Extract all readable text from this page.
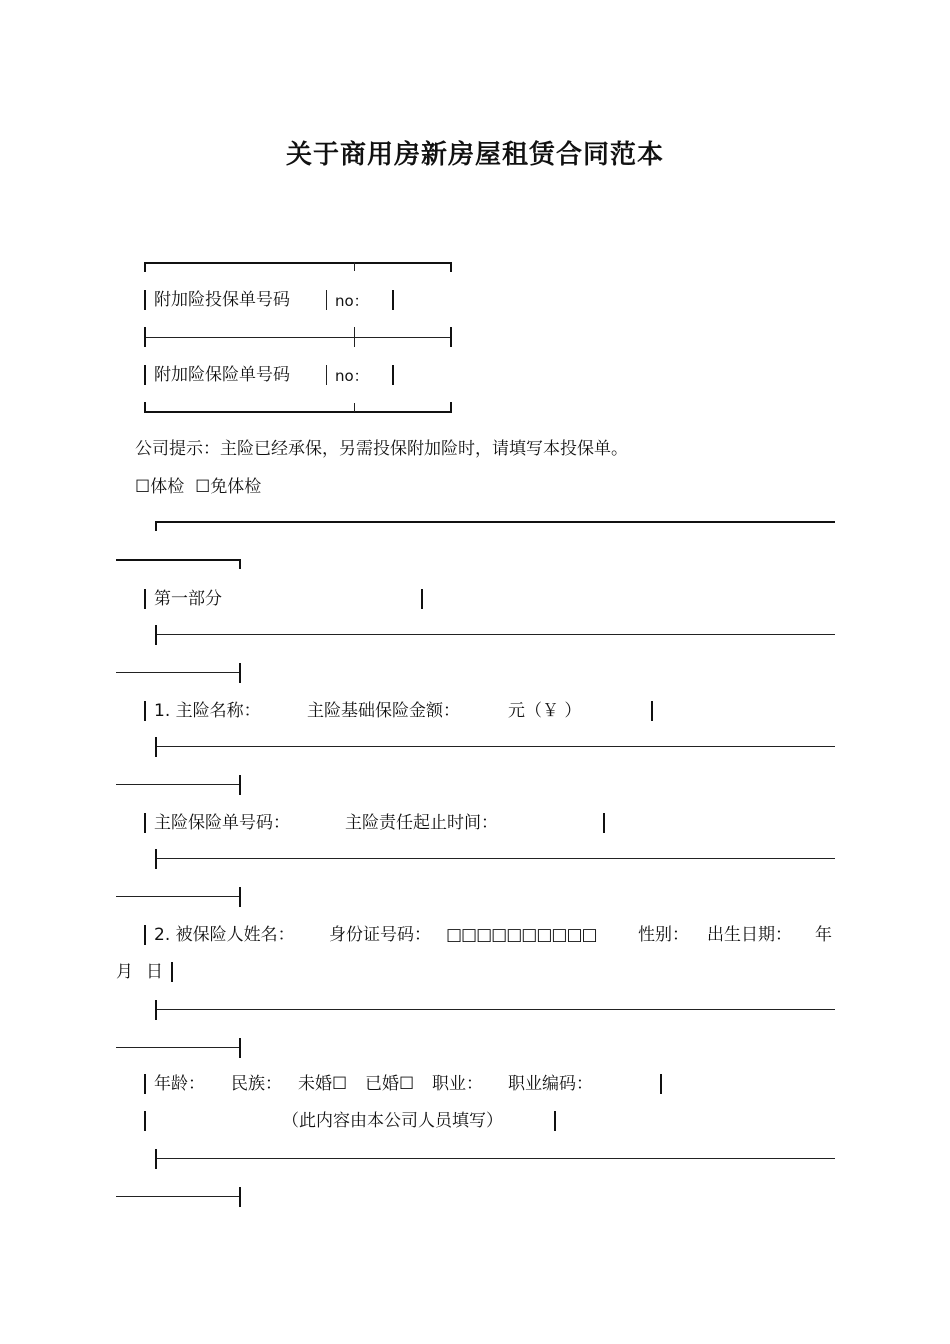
关于商用房新房屋租赁合同范本
附加险投保单号码	no：
附加险保险单号码	no：
公司提示：主险已经承保，另需投保附加险时，请填写本投保单。
☐体检 ☐免体检
第一部分
1. 主险名称：	主险基础保险金额：	元（￥ ）
主险保险单号码：	主险责任起止时间：
2. 被保险人姓名： 身份证号码： □□□□□□□□□□ 性别： 出生日期： 年
月 日
年龄： 民族： 未婚☐ 已婚☐ 职业： 职业编码：
（此内容由本公司人员填写）
